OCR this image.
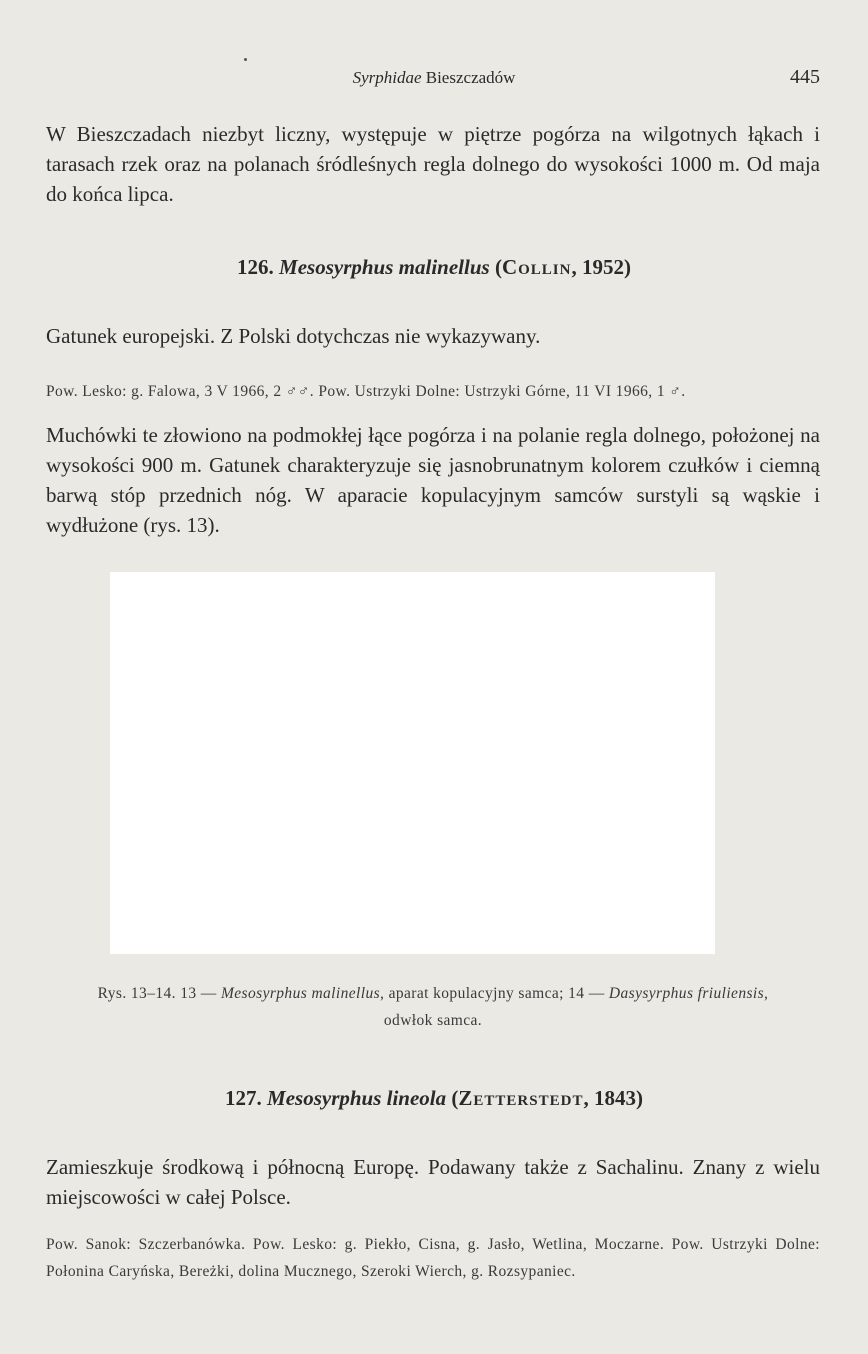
Syrphidae Bieszczadów	445

W Bieszczadach niezbyt liczny, występuje w piętrze pogórza na wilgotnych łąkach i tarasach rzek oraz na polanach śródleśnych regla dolnego do wysokości 1000 m. Od maja do końca lipca.

126. Mesosyrphus malinellus (Collin, 1952)

Gatunek europejski. Z Polski dotychczas nie wykazywany.

Pow. Lesko: g. Falowa, 3 V 1966, 2 ♂♂. Pow. Ustrzyki Dolne: Ustrzyki Górne, 11 VI 1966, 1 ♂.

Muchówki te złowiono na podmokłej łące pogórza i na polanie regla dolnego, położonej na wysokości 900 m. Gatunek charakteryzuje się jasnobrunatnym kolorem czułków i ciemną barwą stóp przednich nóg. W aparacie kopulacyjnym samców surstyli są wąskie i wydłużone (rys. 13).

Rys. 13–14. 13 — Mesosyrphus malinellus, aparat kopulacyjny samca; 14 — Dasysyrphus friuliensis,
odwłok samca.

127. Mesosyrphus lineola (Zetterstedt, 1843)

Zamieszkuje środkową i północną Europę. Podawany także z Sachalinu. Znany z wielu miejscowości w całej Polsce.

Pow. Sanok: Szczerbanówka. Pow. Lesko: g. Piekło, Cisna, g. Jasło, Wetlina, Moczarne. Pow. Ustrzyki Dolne: Połonina Caryńska, Bereżki, dolina Mucznego, Szeroki Wierch, g. Rozsypaniec.
